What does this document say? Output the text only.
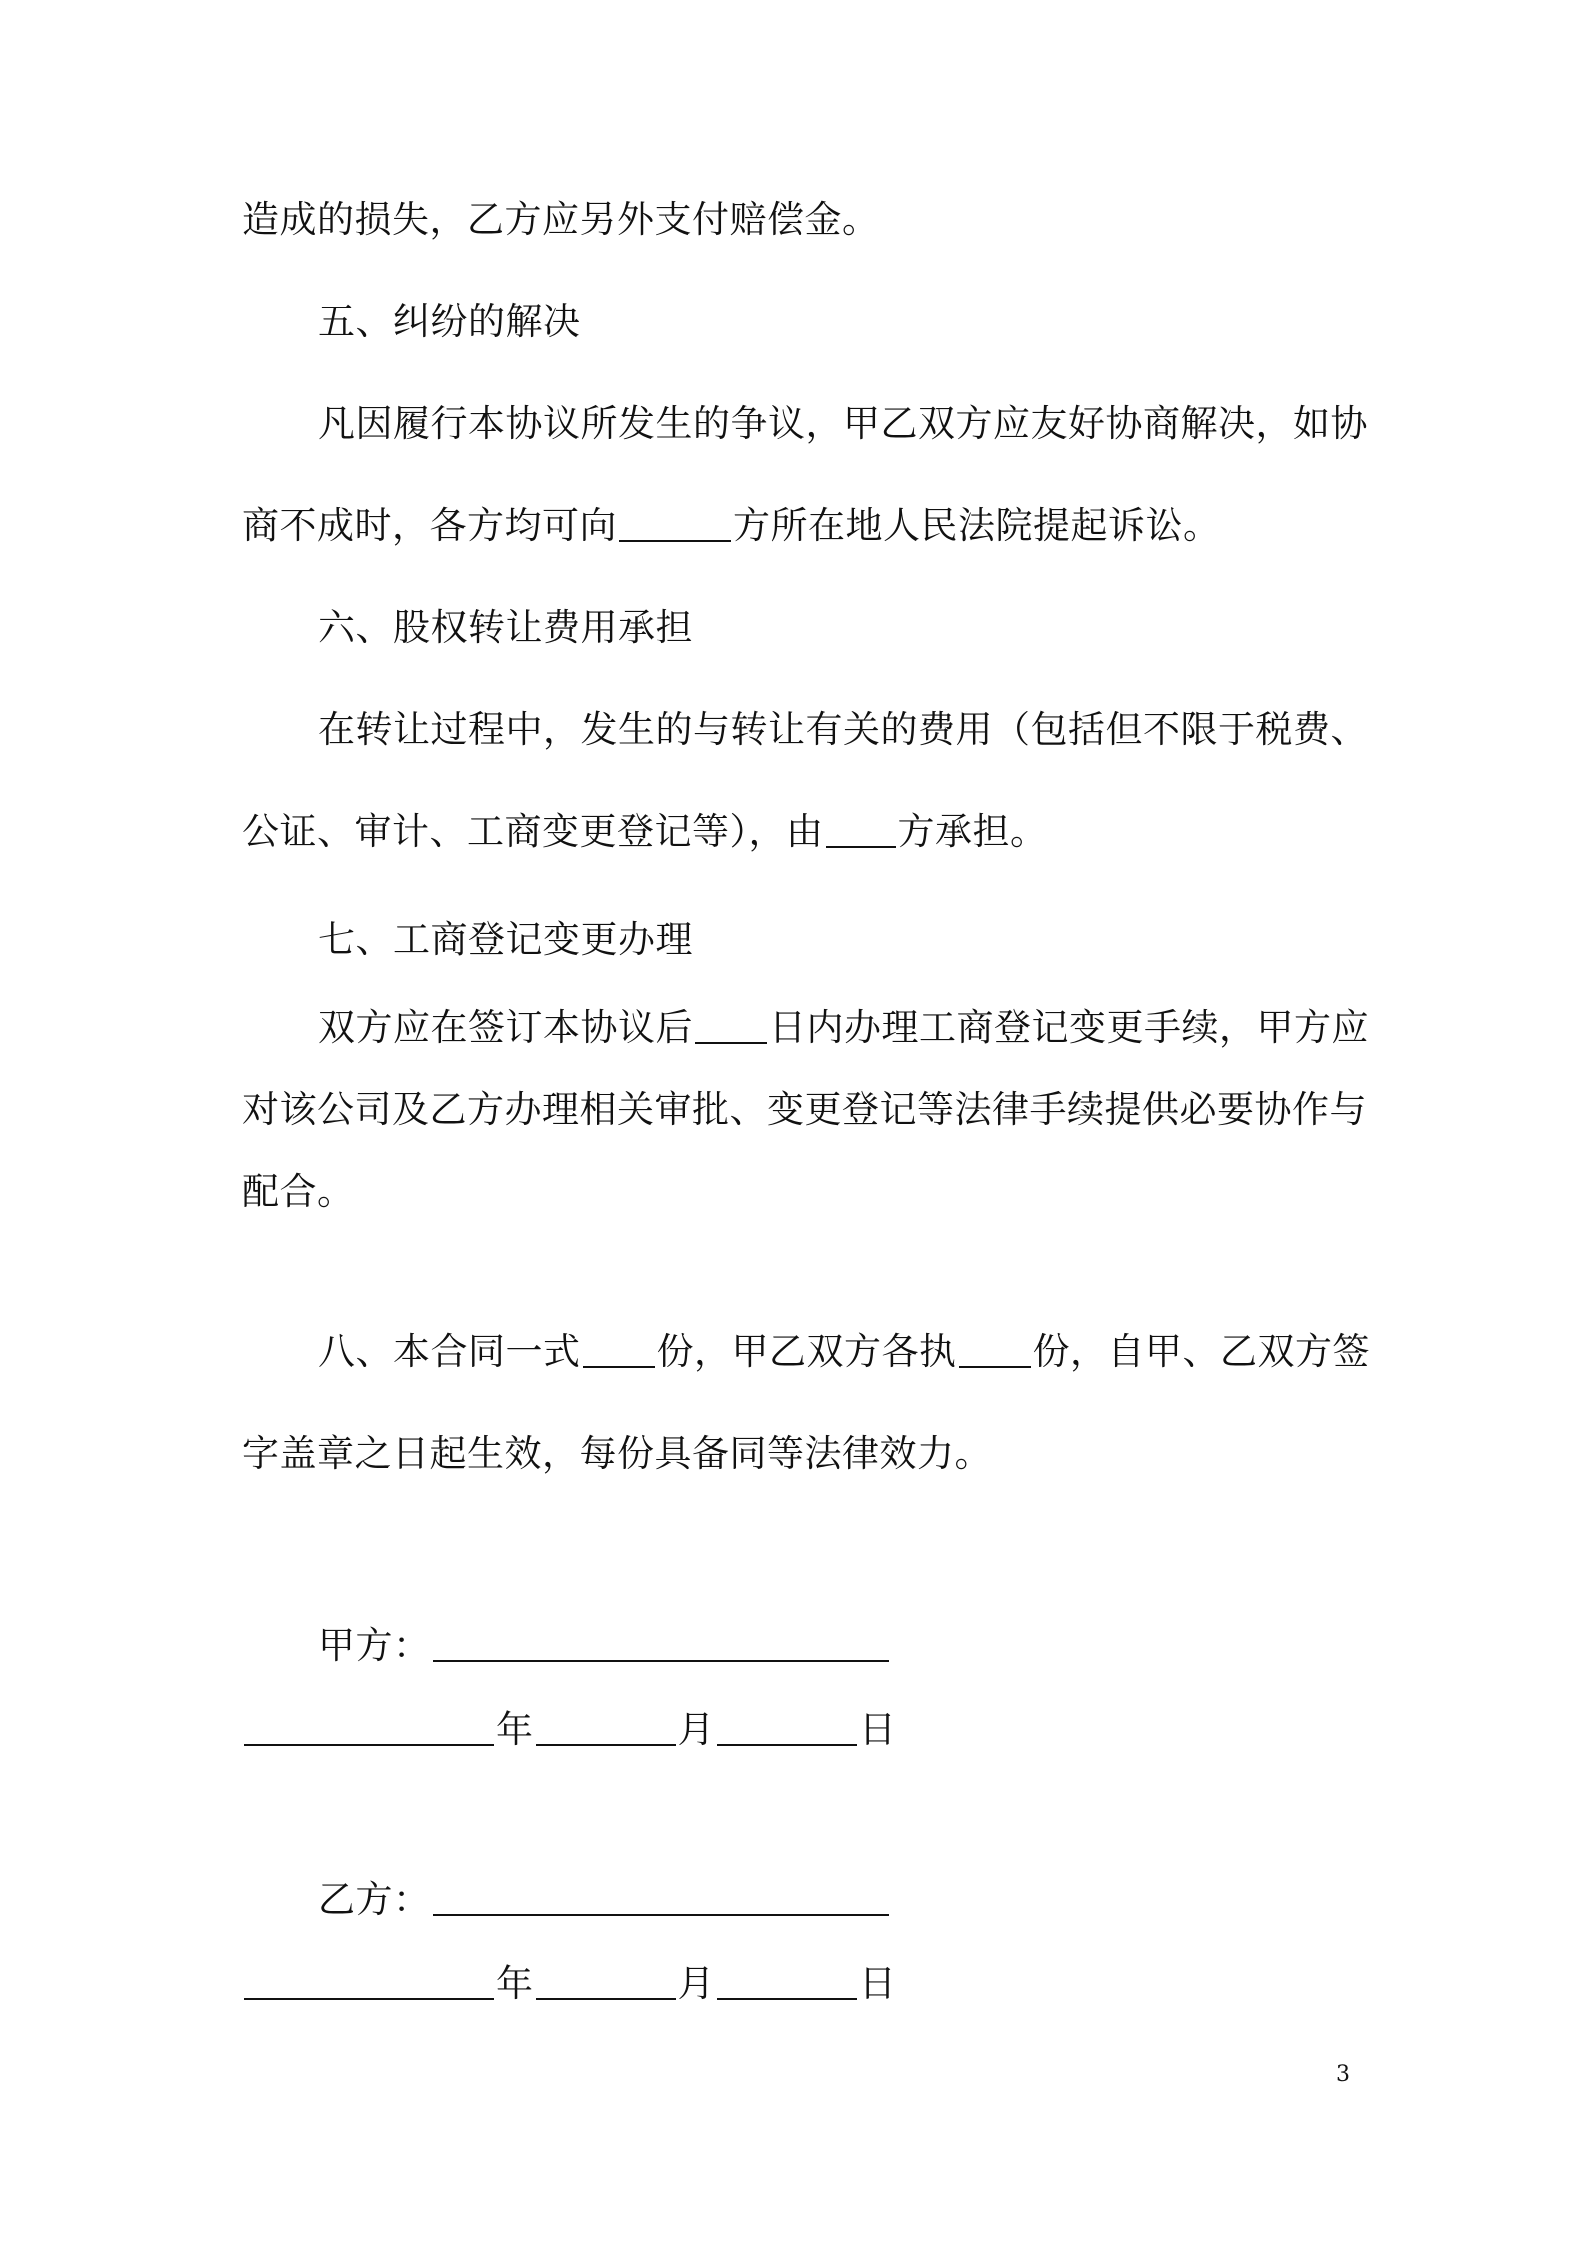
造成的损失，乙方应另外支付赔偿金。
五、纠纷的解决
凡因履行本协议所发生的争议，甲乙双方应友好协商解决，如协
商不成时，各方均可向	方所在地人民法院提起诉讼。
六、股权转让费用承担
在转让过程中，发生的与转让有关的费用（包括但不限于税费、
公证、审计、工商变更登记等），由 方承担。
七、工商登记变更办理
双方应在签订本协议后 日内办理工商登记变更手续，甲方应
对该公司及乙方办理相关审批、变更登记等法律手续提供必要协作与
配合。
八、本合同一式 份，甲乙双方各执 份，自甲、乙双方签
字盖章之日起生效，每份具备同等法律效力。
甲方：
年	月	日
乙方：
年	月	日
3
